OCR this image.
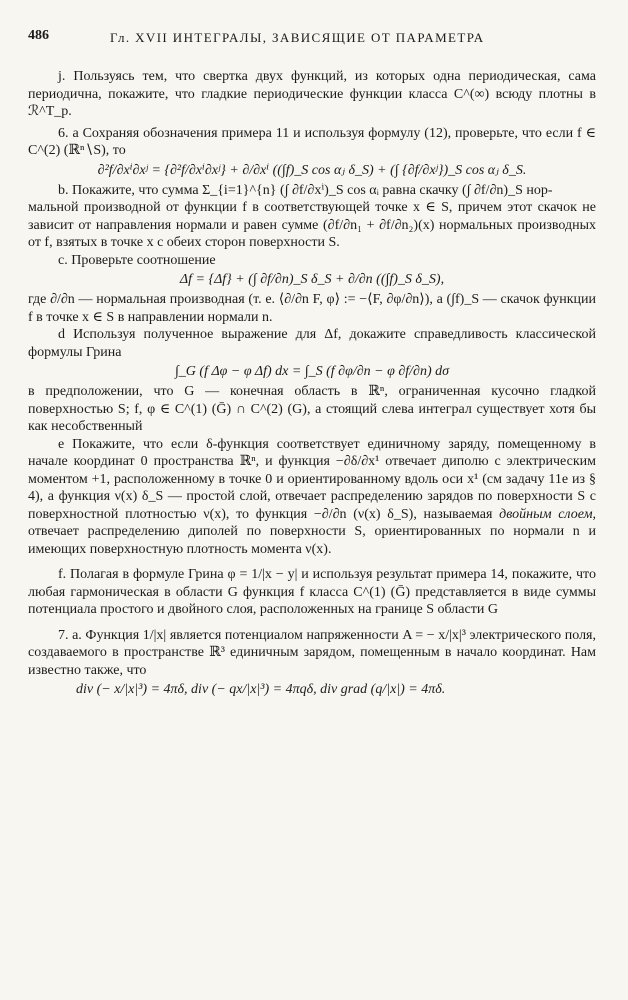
486	Гл. XVII ИНТЕГРАЛЫ, ЗАВИСЯЩИЕ ОТ ПАРАМЕТРА

j. Пользуясь тем, что свертка двух функций, из которых одна периодическая, сама периодична, покажите, что гладкие периодические функции класса C^(∞) всюду плотны в ℛ^T_p.

6. a Сохраняя обозначения примера 11 и используя формулу (12), проверьте, что если f ∈ C^(2) (ℝⁿ∖S), то

∂²f/∂xⁱ∂xʲ = {∂²f/∂xⁱ∂xʲ} + ∂/∂xⁱ ((∫f)_S cos αⱼ δ_S) + (∫ {∂f/∂xʲ})_S cos αⱼ δ_S.

b. Покажите, что сумма Σ_{i=1}^{n} (∫ ∂f/∂xⁱ)_S cos αᵢ равна скачку (∫ ∂f/∂n)_S нор-

мальной производной от функции f в соответствующей точке x ∈ S, причем этот скачок не зависит от направления нормали и равен сумме (∂f/∂n₁ + ∂f/∂n₂)(x) нормальных производных от f, взятых в точке x с обеих сторон поверхности S.

c. Проверьте соотношение

Δf = {Δf} + (∫ ∂f/∂n)_S δ_S + ∂/∂n ((∫f)_S δ_S),

где ∂/∂n — нормальная производная (т. е. ⟨∂/∂n F, φ⟩ := −⟨F, ∂φ/∂n⟩), а (∫f)_S — скачок функции f в точке x ∈ S в направлении нормали n.

d Используя полученное выражение для Δf, докажите справедливость классической формулы Грина

∫_G (f Δφ − φ Δf) dx = ∫_S (f ∂φ/∂n − φ ∂f/∂n) dσ

в предположении, что G — конечная область в ℝⁿ, ограниченная кусочно гладкой поверхностью S; f, φ ∈ C^(1) (Ḡ) ∩ C^(2) (G), а стоящий слева интеграл существует хотя бы как несобственный

e Покажите, что если δ-функция соответствует единичному заряду, помещенному в начале координат 0 пространства ℝⁿ, и функция −∂δ/∂x¹ отвечает диполю с электрическим моментом +1, расположенному в точке 0 и ориентированному вдоль оси x¹ (см задачу 11e из § 4), а функция ν(x) δ_S — простой слой, отвечает распределению зарядов по поверхности S с поверхностной плотностью ν(x), то функция −∂/∂n (ν(x) δ_S), называемая двойным слоем, отвечает распределению диполей по поверхности S, ориентированных по нормали n и имеющих поверхностную плотность момента ν(x).

f. Полагая в формуле Грина φ = 1/|x − y| и используя результат примера 14, покажите, что любая гармоническая в области G функция f класса C^(1) (Ḡ) представляется в виде суммы потенциала простого и двойного слоя, расположенных на границе S области G

7. a. Функция 1/|x| является потенциалом напряженности A = − x/|x|³ электрического поля, создаваемого в пространстве ℝ³ единичным зарядом, помещенным в начало координат. Нам известно также, что

div (− x/|x|³) = 4πδ, div (− qx/|x|³) = 4πqδ, div grad (q/|x|) = 4πδ.
